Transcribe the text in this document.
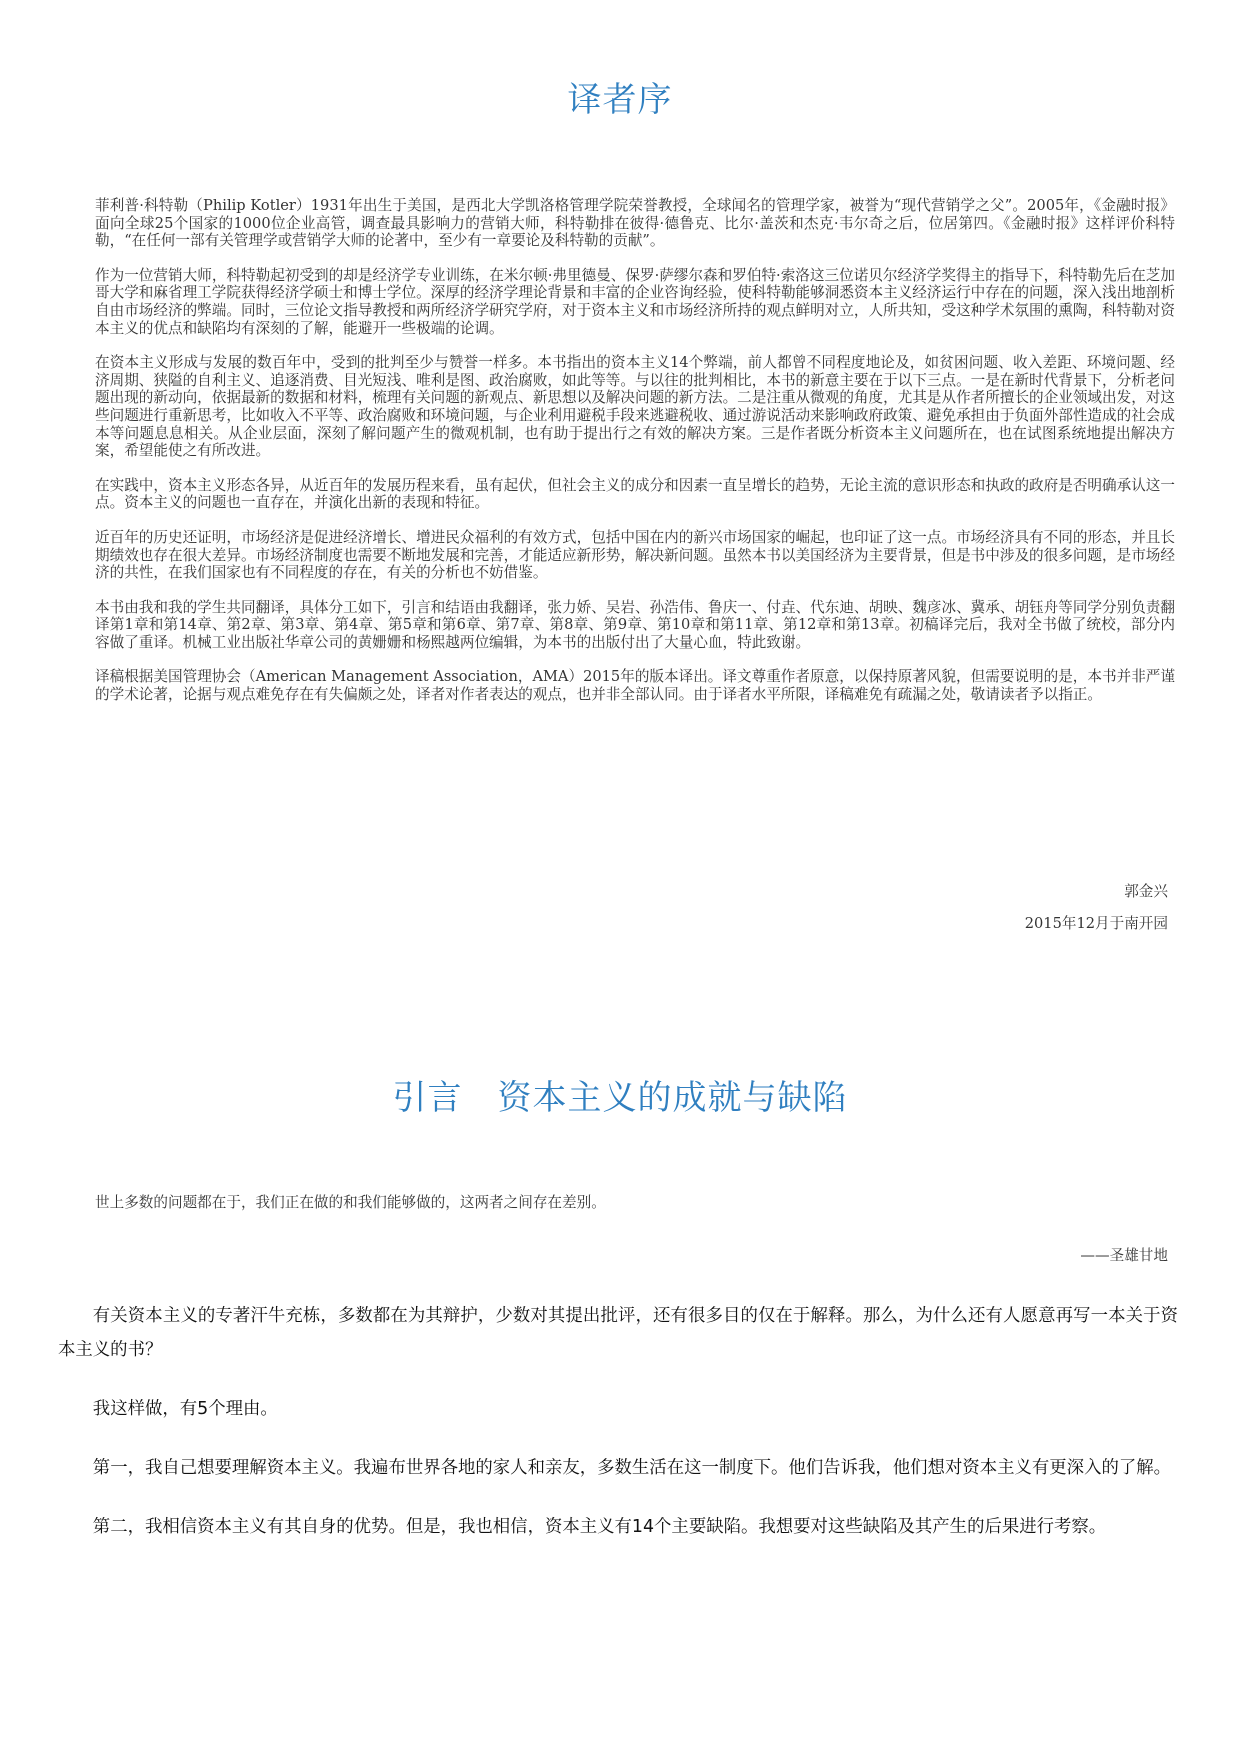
译者序

菲利普·科特勒（Philip Kotler）1931年出生于美国，是西北大学凯洛格管理学院荣誉教授，全球闻名的管理学家，被誉为“现代营销学之父”。2005年，《金融时报》面向全球25个国家的1000位企业高管，调查最具影响力的营销大师，科特勒排在彼得·德鲁克、比尔·盖茨和杰克·韦尔奇之后，位居第四。《金融时报》这样评价科特勒，“在任何一部有关管理学或营销学大师的论著中，至少有一章要论及科特勒的贡献”。

作为一位营销大师，科特勒起初受到的却是经济学专业训练，在米尔顿·弗里德曼、保罗·萨缪尔森和罗伯特·索洛这三位诺贝尔经济学奖得主的指导下，科特勒先后在芝加哥大学和麻省理工学院获得经济学硕士和博士学位。深厚的经济学理论背景和丰富的企业咨询经验，使科特勒能够洞悉资本主义经济运行中存在的问题，深入浅出地剖析自由市场经济的弊端。同时，三位论文指导教授和两所经济学研究学府，对于资本主义和市场经济所持的观点鲜明对立，人所共知，受这种学术氛围的熏陶，科特勒对资本主义的优点和缺陷均有深刻的了解，能避开一些极端的论调。

在资本主义形成与发展的数百年中，受到的批判至少与赞誉一样多。本书指出的资本主义14个弊端，前人都曾不同程度地论及，如贫困问题、收入差距、环境问题、经济周期、狭隘的自利主义、追逐消费、目光短浅、唯利是图、政治腐败，如此等等。与以往的批判相比，本书的新意主要在于以下三点。一是在新时代背景下，分析老问题出现的新动向，依据最新的数据和材料，梳理有关问题的新观点、新思想以及解决问题的新方法。二是注重从微观的角度，尤其是从作者所擅长的企业领域出发，对这些问题进行重新思考，比如收入不平等、政治腐败和环境问题，与企业利用避税手段来逃避税收、通过游说活动来影响政府政策、避免承担由于负面外部性造成的社会成本等问题息息相关。从企业层面，深刻了解问题产生的微观机制，也有助于提出行之有效的解决方案。三是作者既分析资本主义问题所在，也在试图系统地提出解决方案，希望能使之有所改进。

在实践中，资本主义形态各异，从近百年的发展历程来看，虽有起伏，但社会主义的成分和因素一直呈增长的趋势，无论主流的意识形态和执政的政府是否明确承认这一点。资本主义的问题也一直存在，并演化出新的表现和特征。

近百年的历史还证明，市场经济是促进经济增长、增进民众福利的有效方式，包括中国在内的新兴市场国家的崛起，也印证了这一点。市场经济具有不同的形态，并且长期绩效也存在很大差异。市场经济制度也需要不断地发展和完善，才能适应新形势，解决新问题。虽然本书以美国经济为主要背景，但是书中涉及的很多问题，是市场经济的共性，在我们国家也有不同程度的存在，有关的分析也不妨借鉴。

本书由我和我的学生共同翻译，具体分工如下，引言和结语由我翻译，张力娇、吴岩、孙浩伟、鲁庆一、付垚、代东迪、胡映、魏彦冰、冀承、胡钰舟等同学分别负责翻译第1章和第14章、第2章、第3章、第4章、第5章和第6章、第7章、第8章、第9章、第10章和第11章、第12章和第13章。初稿译完后，我对全书做了统校，部分内容做了重译。机械工业出版社华章公司的黄姗姗和杨熙越两位编辑，为本书的出版付出了大量心血，特此致谢。

译稿根据美国管理协会（American Management Association，AMA）2015年的版本译出。译文尊重作者原意，以保持原著风貌，但需要说明的是，本书并非严谨的学术论著，论据与观点难免存在有失偏颇之处，译者对作者表达的观点，也并非全部认同。由于译者水平所限，译稿难免有疏漏之处，敬请读者予以指正。

郭金兴
2015年12月于南开园
引言　资本主义的成就与缺陷
世上多数的问题都在于，我们正在做的和我们能够做的，这两者之间存在差别。
——圣雄甘地

有关资本主义的专著汗牛充栋，多数都在为其辩护，少数对其提出批评，还有很多目的仅在于解释。那么，为什么还有人愿意再写一本关于资本主义的书？

我这样做，有5个理由。

第一，我自己想要理解资本主义。我遍布世界各地的家人和亲友，多数生活在这一制度下。他们告诉我，他们想对资本主义有更深入的了解。

第二，我相信资本主义有其自身的优势。但是，我也相信，资本主义有14个主要缺陷。我想要对这些缺陷及其产生的后果进行考察。
